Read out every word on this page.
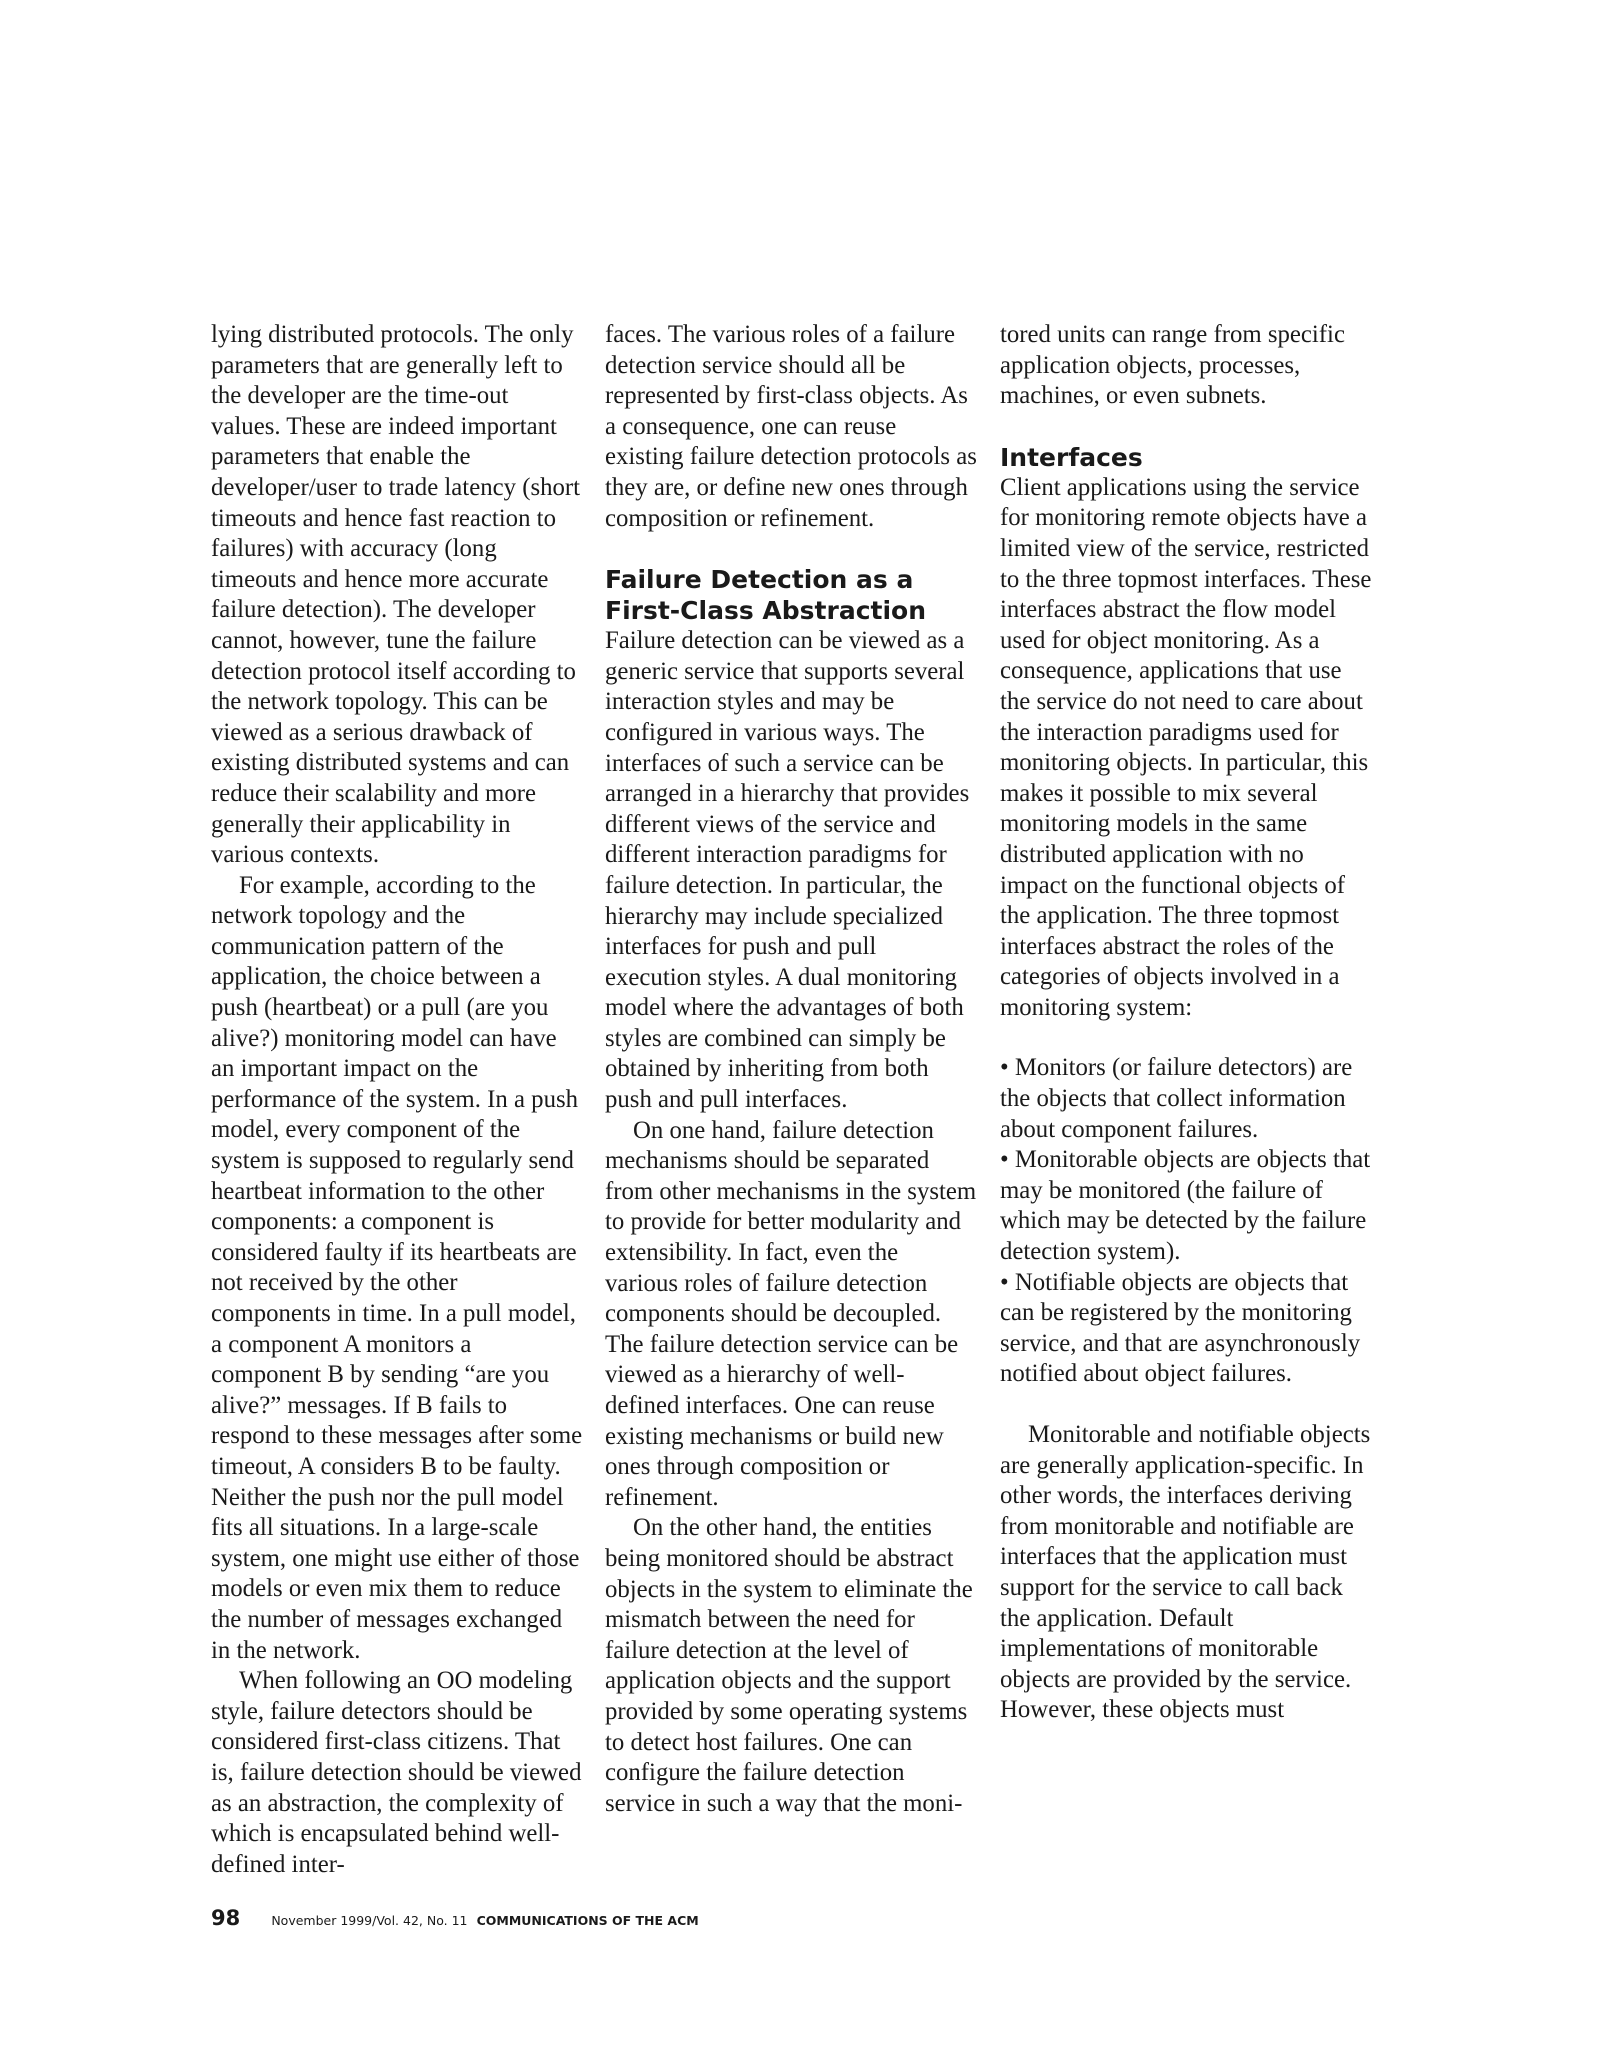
lying distributed protocols. The only parameters that are generally left to the developer are the time-out values. These are indeed important parameters that enable the developer/user to trade latency (short timeouts and hence fast reaction to failures) with accuracy (long timeouts and hence more accurate failure detection). The developer cannot, however, tune the failure detection protocol itself according to the network topology. This can be viewed as a serious drawback of existing distributed systems and can reduce their scalability and more generally their applicability in various contexts.

For example, according to the network topology and the communication pattern of the application, the choice between a push (heartbeat) or a pull (are you alive?) monitoring model can have an important impact on the performance of the system. In a push model, every component of the system is supposed to regularly send heartbeat information to the other components: a component is considered faulty if its heartbeats are not received by the other components in time. In a pull model, a component A monitors a component B by sending “are you alive?” messages. If B fails to respond to these messages after some timeout, A considers B to be faulty. Neither the push nor the pull model fits all situations. In a large-scale system, one might use either of those models or even mix them to reduce the number of messages exchanged in the network.

When following an OO modeling style, failure detectors should be considered first-class citizens. That is, failure detection should be viewed as an abstraction, the complexity of which is encapsulated behind well-defined inter-

faces. The various roles of a failure detection service should all be represented by first-class objects. As a consequence, one can reuse existing failure detection protocols as they are, or define new ones through composition or refinement.

Failure Detection as a First-Class Abstraction

Failure detection can be viewed as a generic service that supports several interaction styles and may be configured in various ways. The interfaces of such a service can be arranged in a hierarchy that provides different views of the service and different interaction paradigms for failure detection. In particular, the hierarchy may include specialized interfaces for push and pull execution styles. A dual monitoring model where the advantages of both styles are combined can simply be obtained by inheriting from both push and pull interfaces.

On one hand, failure detection mechanisms should be separated from other mechanisms in the system to provide for better modularity and extensibility. In fact, even the various roles of failure detection components should be decoupled. The failure detection service can be viewed as a hierarchy of well-defined interfaces. One can reuse existing mechanisms or build new ones through composition or refinement.

On the other hand, the entities being monitored should be abstract objects in the system to eliminate the mismatch between the need for failure detection at the level of application objects and the support provided by some operating systems to detect host failures. One can configure the failure detection service in such a way that the moni-

tored units can range from specific application objects, processes, machines, or even subnets.

Interfaces

Client applications using the service for monitoring remote objects have a limited view of the service, restricted to the three topmost interfaces. These interfaces abstract the flow model used for object monitoring. As a consequence, applications that use the service do not need to care about the interaction paradigms used for monitoring objects. In particular, this makes it possible to mix several monitoring models in the same distributed application with no impact on the functional objects of the application. The three topmost interfaces abstract the roles of the categories of objects involved in a monitoring system:

• Monitors (or failure detectors) are the objects that collect information about component failures.
• Monitorable objects are objects that may be monitored (the failure of which may be detected by the failure detection system).
• Notifiable objects are objects that can be registered by the monitoring service, and that are asynchronously notified about object failures.

Monitorable and notifiable objects are generally application-specific. In other words, the interfaces deriving from monitorable and notifiable are interfaces that the application must support for the service to call back the application. Default implementations of monitorable objects are provided by the service. However, these objects must

98 November 1999/Vol. 42, No. 11 COMMUNICATIONS OF THE ACM
